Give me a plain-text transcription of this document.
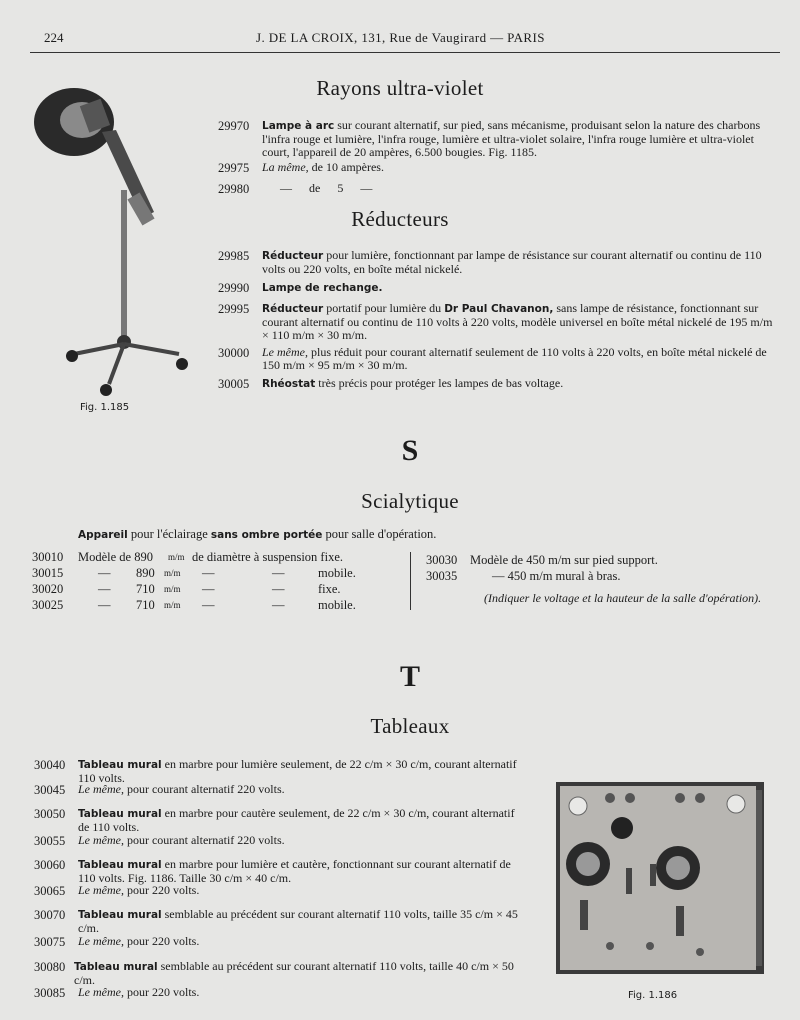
224	J. DE LA CROIX, 131, Rue de Vaugirard — PARIS
Fig. 1.185
Rayons ultra-violet
29970 Lampe à arc sur courant alternatif, sur pied, sans mécanisme, produisant selon la nature des charbons l'infra rouge et lumière, l'infra rouge, lumière et ultra-violet solaire, l'infra rouge lumière et ultra-violet court, l'appareil de 20 ampères, 6.500 bougies. Fig. 1185.
29975 La même, de 10 ampères.
29980	— de 5 —
Réducteurs
29985 Réducteur pour lumière, fonctionnant par lampe de résistance sur courant alternatif ou continu de 110 volts ou 220 volts, en boîte métal nickelé.
29990 Lampe de rechange.
29995 Réducteur portatif pour lumière du Dr Paul Chavanon, sans lampe de résistance, fonctionnant sur courant alternatif ou continu de 110 volts à 220 volts, modèle universel en boîte métal nickelé de 195 m/m × 110 m/m × 30 m/m.
30000 Le même, plus réduit pour courant alternatif seulement de 110 volts à 220 volts, en boîte métal nickelé de 150 m/m × 95 m/m × 30 m/m.
30005 Rhéostat très précis pour protéger les lampes de bas voltage.
S
Scialytique
Appareil pour l'éclairage sans ombre portée pour salle d'opération.
30010 Modèle de 890 m/m de diamètre à suspension fixe.
30015	— 890 m/m —	—	mobile.
30020	— 710 m/m —	—	fixe.
30025	— 710 m/m —	—	mobile.
30030 Modèle de 450 m/m sur pied support.
30035	— 450 m/m mural à bras.
(Indiquer le voltage et la hauteur de la salle d'opération).
T
Tableaux
30040 Tableau mural en marbre pour lumière seulement, de 22 c/m × 30 c/m, courant alternatif 110 volts.
30045 Le même, pour courant alternatif 220 volts.
30050 Tableau mural en marbre pour cautère seulement, de 22 c/m × 30 c/m, courant alternatif de 110 volts.
30055 Le même, pour courant alternatif 220 volts.
30060 Tableau mural en marbre pour lumière et cautère, fonctionnant sur courant alternatif de 110 volts. Fig. 1186. Taille 30 c/m × 40 c/m.
30065 Le même, pour 220 volts.
30070 Tableau mural semblable au précédent sur courant alternatif 110 volts, taille 35 c/m × 45 c/m.
30075 Le même, pour 220 volts.
30080 Tableau mural semblable au précédent sur courant alternatif 110 volts, taille 40 c/m × 50 c/m.
30085 Le même, pour 220 volts.	Fig. 1.186
